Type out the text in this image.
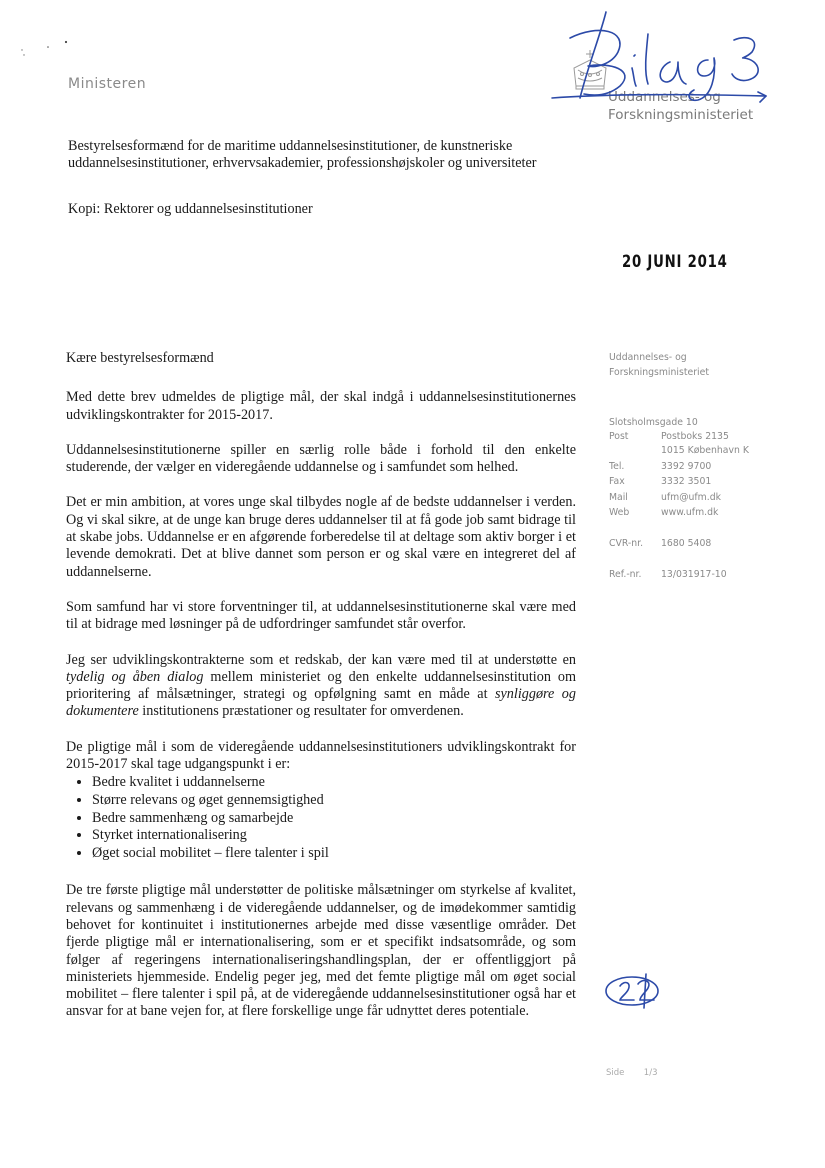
Ministeren
Uddannelses- og
Forskningsministeriet
Bilag 3
Bestyrelsesformænd for de maritime uddannelsesinstitutioner, de kunstneriske uddannelsesinstitutioner, erhvervsakademier, professionshøjskoler og universiteter
Kopi: Rektorer og uddannelsesinstitutioner
20 JUNI 2014
Uddannelses- og
Forskningsministeriet
Slotsholmsgade 10
Post	Postboks 2135
1015 København K
Tel.	3392 9700
Fax	3332 3501
Mail	ufm@ufm.dk
Web	www.ufm.dk
CVR-nr. 1680 5408
Ref.-nr. 13/031917-10
22
Side 1/3

Kære bestyrelsesformænd

Med dette brev udmeldes de pligtige mål, der skal indgå i uddannelsesinstitutionernes udviklingskontrakter for 2015-2017.

Uddannelsesinstitutionerne spiller en særlig rolle både i forhold til den enkelte studerende, der vælger en videregående uddannelse og i samfundet som helhed.

Det er min ambition, at vores unge skal tilbydes nogle af de bedste uddannelser i verden. Og vi skal sikre, at de unge kan bruge deres uddannelser til at få gode job samt bidrage til at skabe jobs. Uddannelse er en afgørende forberedelse til at deltage som aktiv borger i et levende demokrati. Det at blive dannet som person er og skal være en integreret del af uddannelserne.

Som samfund har vi store forventninger til, at uddannelsesinstitutionerne skal være med til at bidrage med løsninger på de udfordringer samfundet står overfor.

Jeg ser udviklingskontrakterne som et redskab, der kan være med til at understøtte en tydelig og åben dialog mellem ministeriet og den enkelte uddannelsesinstitution om prioritering af målsætninger, strategi og opfølgning samt en måde at synliggøre og dokumentere institutionens præstationer og resultater for omverdenen.

De pligtige mål i som de videregående uddannelsesinstitutioners udviklingskontrakt for 2015-2017 skal tage udgangspunkt i er:

• Bedre kvalitet i uddannelserne
• Større relevans og øget gennemsigtighed
• Bedre sammenhæng og samarbejde
• Styrket internationalisering
• Øget social mobilitet – flere talenter i spil

De tre første pligtige mål understøtter de politiske målsætninger om styrkelse af kvalitet, relevans og sammenhæng i de videregående uddannelser, og de imødekommer samtidig behovet for kontinuitet i institutionernes arbejde med disse væsentlige områder. Det fjerde pligtige mål er internationalisering, som er et specifikt indsatsområde, og som følger af regeringens internationaliseringshandlingsplan, der er offentliggjort på ministeriets hjemmeside. Endelig peger jeg, med det femte pligtige mål om øget social mobilitet – flere talenter i spil på, at de videregående uddannelsesinstitutioner også har et ansvar for at bane vejen for, at flere forskellige unge får udnyttet deres potentiale.
